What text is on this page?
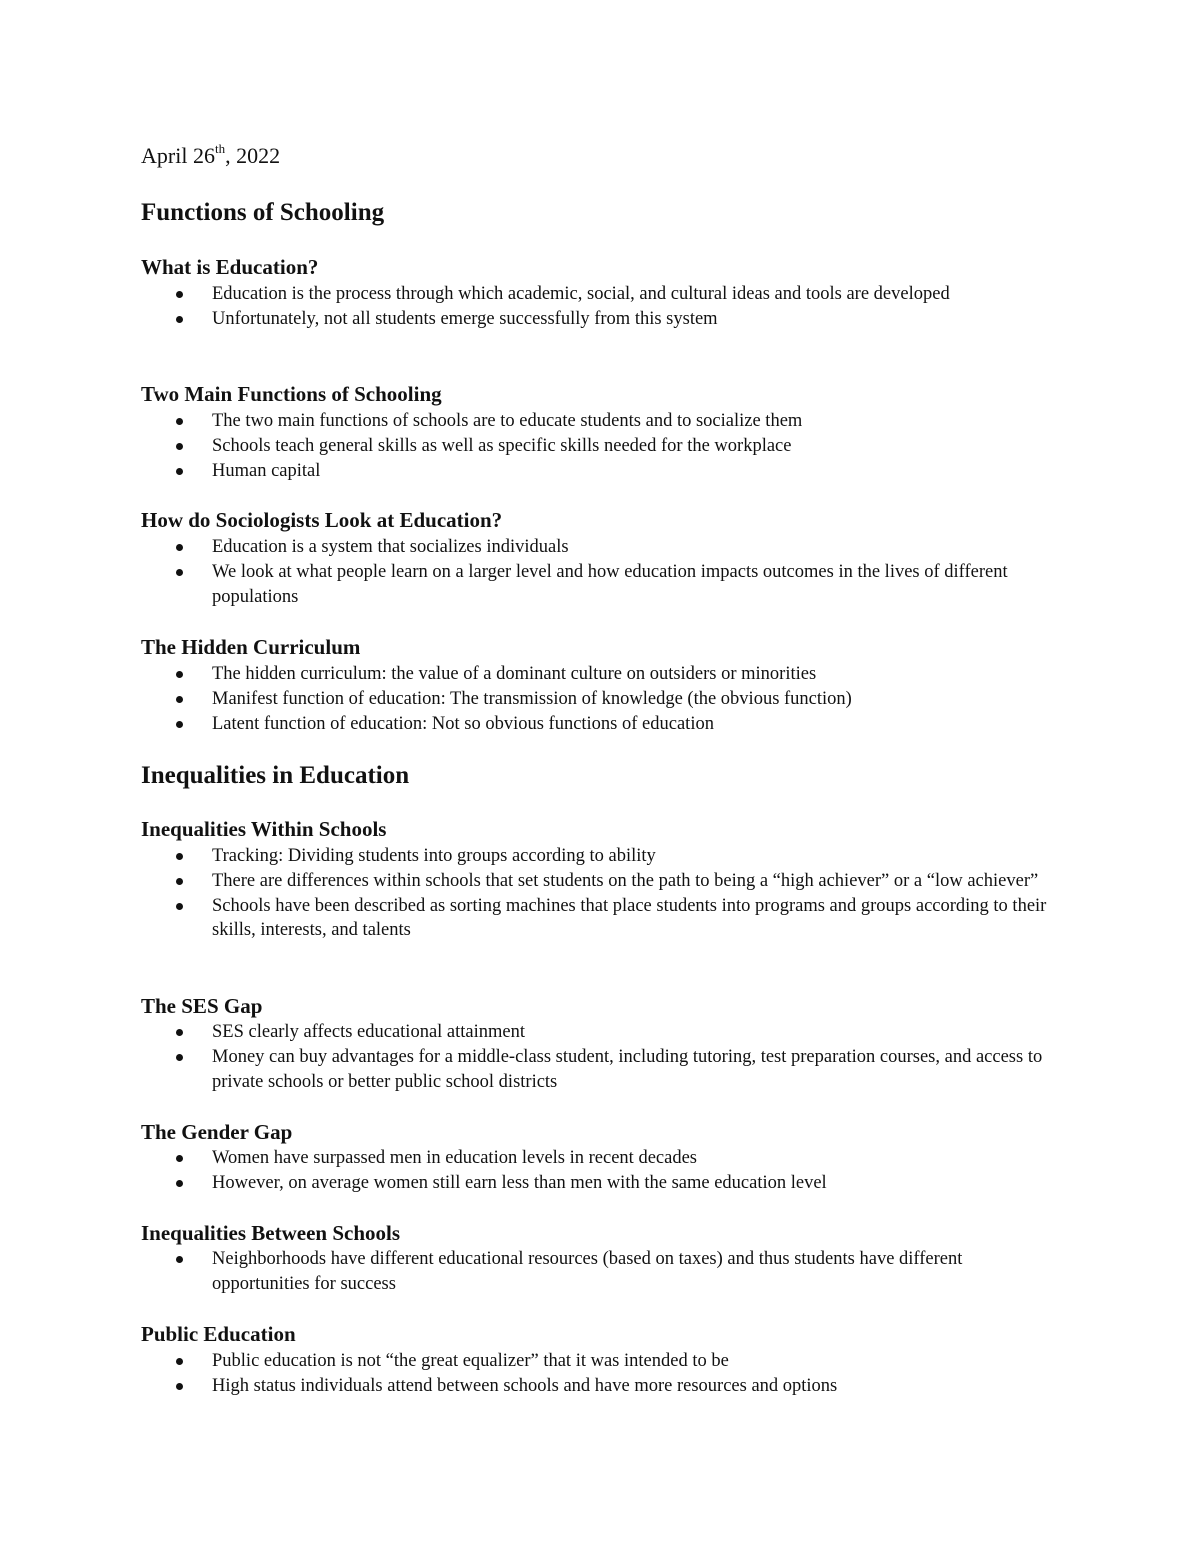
April 26th, 2022
Functions of Schooling
What is Education?
Education is the process through which academic, social, and cultural ideas and tools are developed
Unfortunately, not all students emerge successfully from this system
Two Main Functions of Schooling
The two main functions of schools are to educate students and to socialize them
Schools teach general skills as well as specific skills needed for the workplace
Human capital
How do Sociologists Look at Education?
Education is a system that socializes individuals
We look at what people learn on a larger level and how education impacts outcomes in the lives of different populations
The Hidden Curriculum
The hidden curriculum: the value of a dominant culture on outsiders or minorities
Manifest function of education: The transmission of knowledge (the obvious function)
Latent function of education: Not so obvious functions of education
Inequalities in Education
Inequalities Within Schools
Tracking: Dividing students into groups according to ability
There are differences within schools that set students on the path to being a “high achiever” or a “low achiever”
Schools have been described as sorting machines that place students into programs and groups according to their skills, interests, and talents
The SES Gap
SES clearly affects educational attainment
Money can buy advantages for a middle-class student, including tutoring, test preparation courses, and access to private schools or better public school districts
The Gender Gap
Women have surpassed men in education levels in recent decades
However, on average women still earn less than men with the same education level
Inequalities Between Schools
Neighborhoods have different educational resources (based on taxes) and thus students have different opportunities for success
Public Education
Public education is not “the great equalizer” that it was intended to be
High status individuals attend between schools and have more resources and options
